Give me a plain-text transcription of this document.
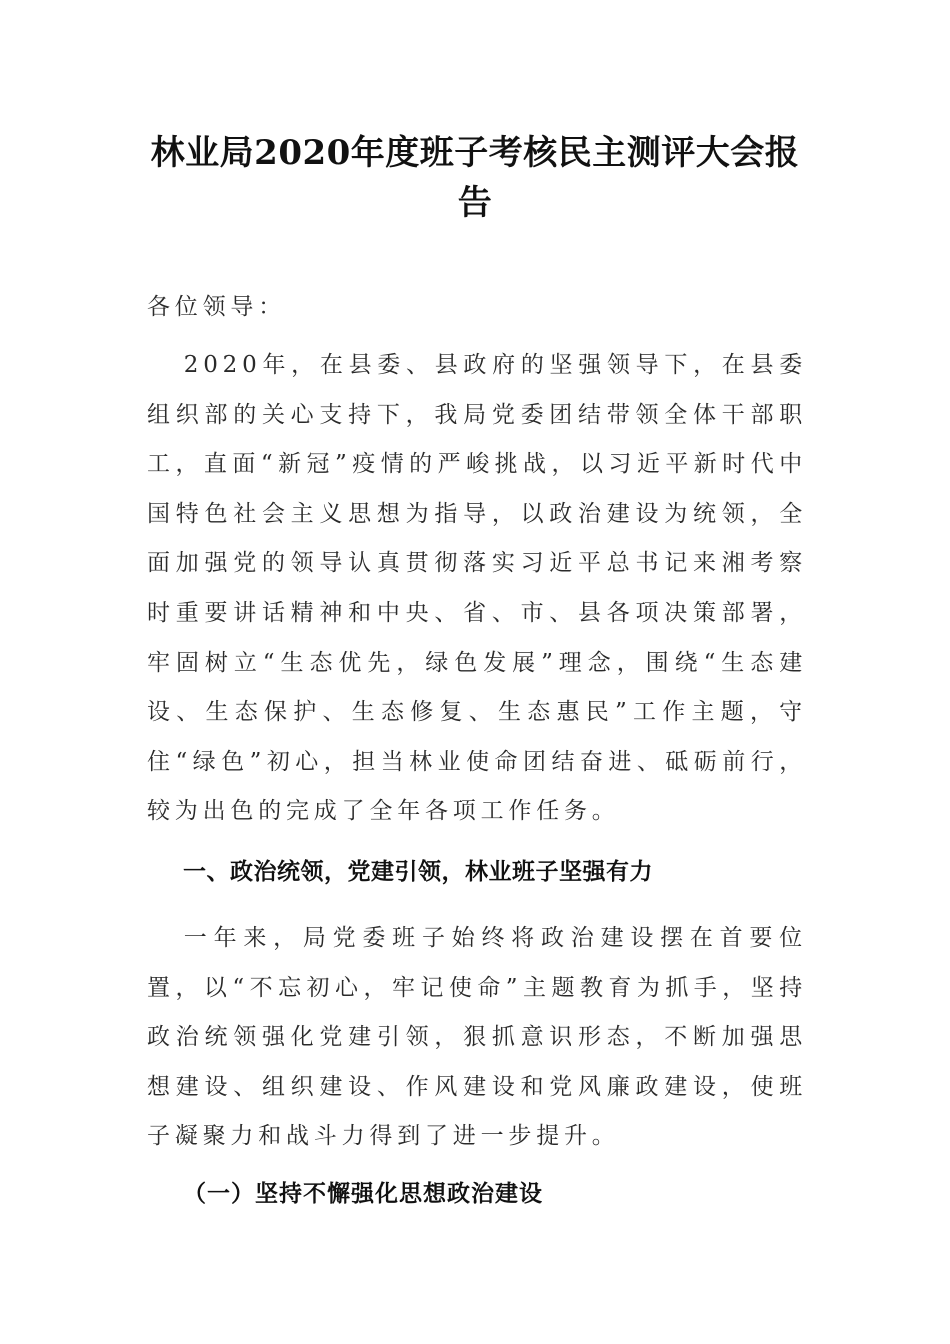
林业局2020年度班子考核民主测评大会报告

各位领导：

2020年，在县委、县政府的坚强领导下，在县委组织部的关心支持下，我局党委团结带领全体干部职工，直面“新冠”疫情的严峻挑战，以习近平新时代中国特色社会主义思想为指导，以政治建设为统领，全面加强党的领导认真贯彻落实习近平总书记来湘考察时重要讲话精神和中央、省、市、县各项决策部署，牢固树立“生态优先，绿色发展”理念，围绕“生态建设、生态保护、生态修复、生态惠民”工作主题，守住“绿色”初心，担当林业使命团结奋进、砥砺前行，较为出色的完成了全年各项工作任务。

一、政治统领，党建引领，林业班子坚强有力

一年来，局党委班子始终将政治建设摆在首要位置，以“不忘初心，牢记使命”主题教育为抓手，坚持政治统领强化党建引领，狠抓意识形态，不断加强思想建设、组织建设、作风建设和党风廉政建设，使班子凝聚力和战斗力得到了进一步提升。

（一）坚持不懈强化思想政治建设
